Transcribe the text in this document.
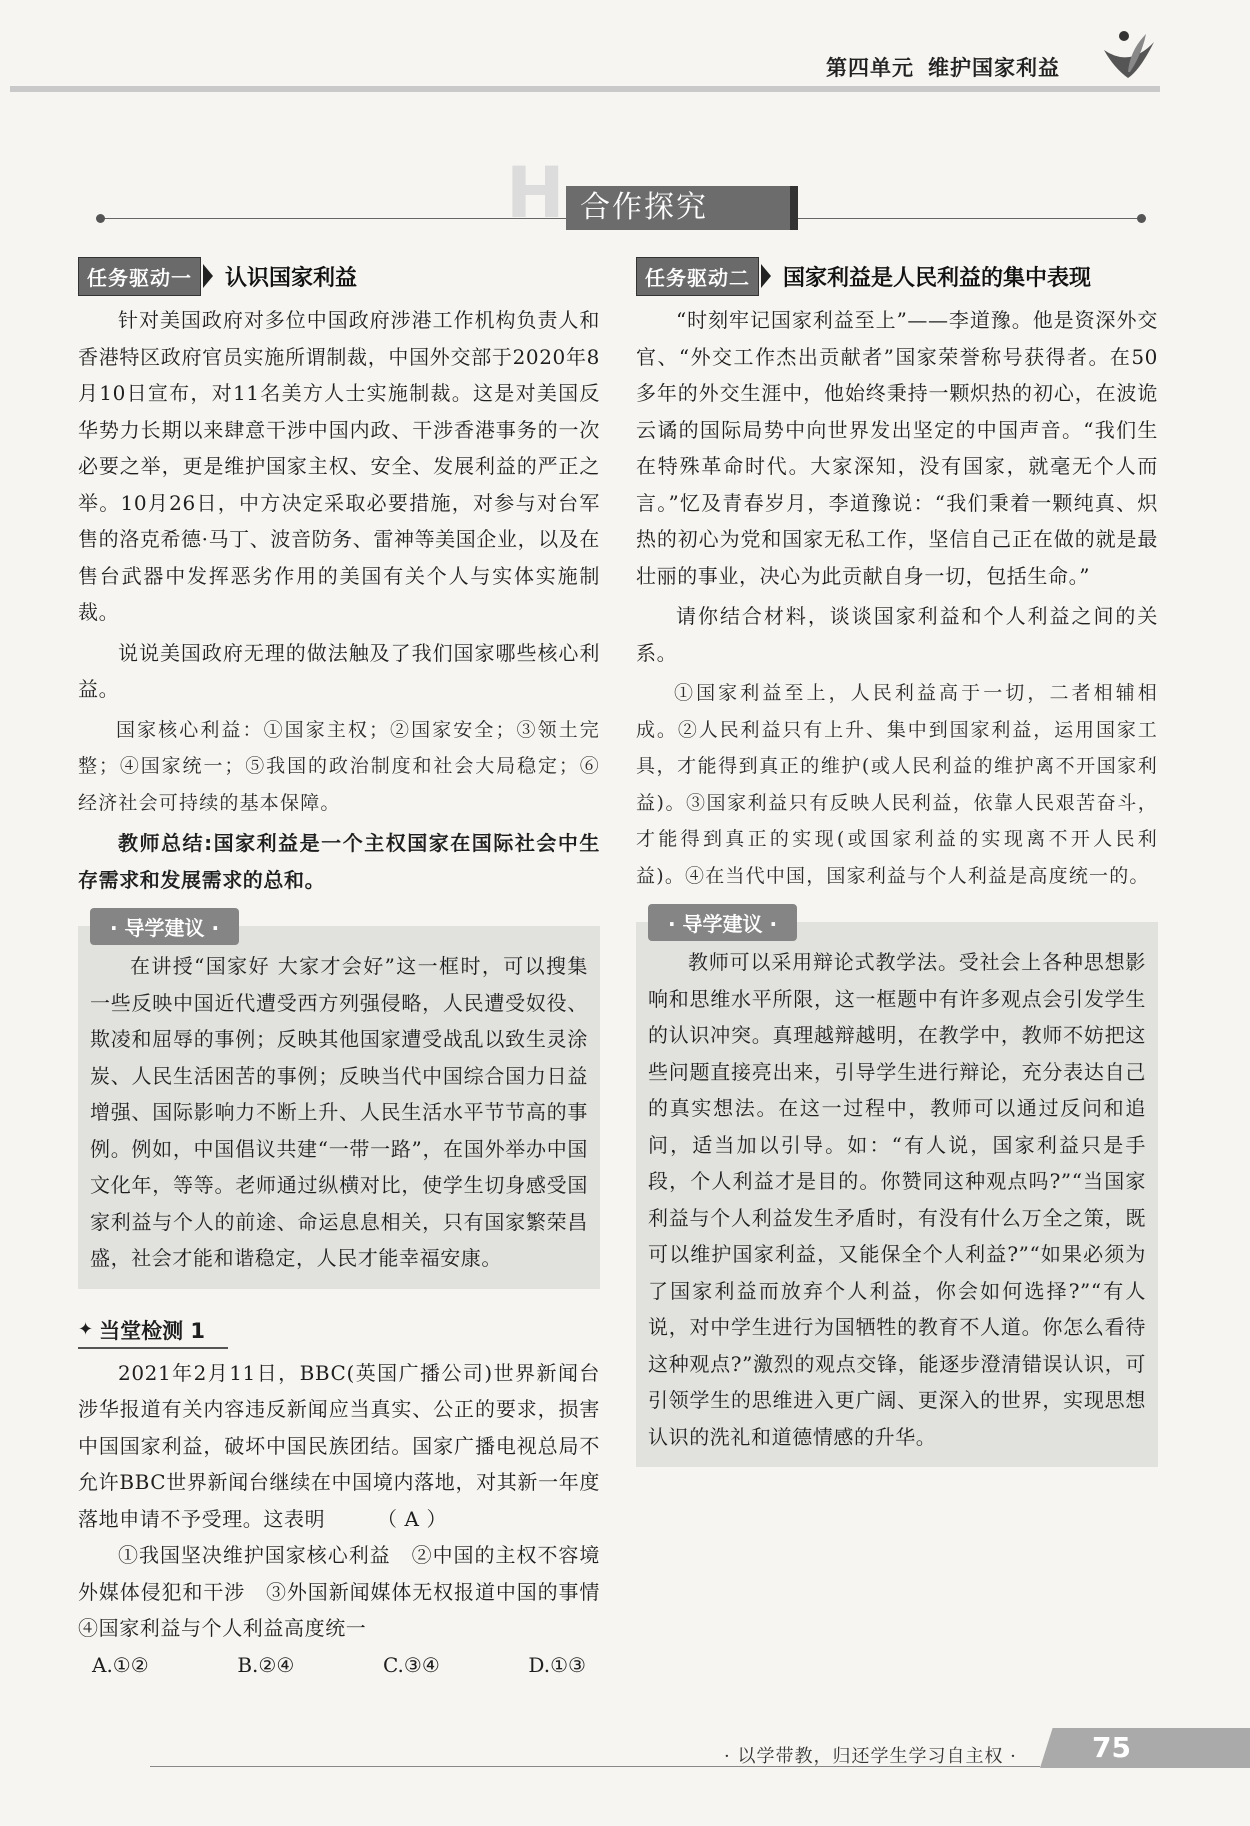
第四单元 维护国家利益
H 合作探究
任务驱动一	认识国家利益

针对美国政府对多位中国政府涉港工作机构负责人和香港特区政府官员实施所谓制裁，中国外交部于2020年8月10日宣布，对11名美方人士实施制裁。这是对美国反华势力长期以来肆意干涉中国内政、干涉香港事务的一次必要之举，更是维护国家主权、安全、发展利益的严正之举。10月26日，中方决定采取必要措施，对参与对台军售的洛克希德·马丁、波音防务、雷神等美国企业，以及在售台武器中发挥恶劣作用的美国有关个人与实体实施制裁。

说说美国政府无理的做法触及了我们国家哪些核心利益。

国家核心利益：①国家主权；②国家安全；③领土完整；④国家统一；⑤我国的政治制度和社会大局稳定；⑥经济社会可持续的基本保障。

教师总结:国家利益是一个主权国家在国际社会中生存需求和发展需求的总和。

· 导学建议 ·

在讲授“国家好 大家才会好”这一框时，可以搜集一些反映中国近代遭受西方列强侵略，人民遭受奴役、欺凌和屈辱的事例；反映其他国家遭受战乱以致生灵涂炭、人民生活困苦的事例；反映当代中国综合国力日益增强、国际影响力不断上升、人民生活水平节节高的事例。例如，中国倡议共建“一带一路”，在国外举办中国文化年，等等。老师通过纵横对比，使学生切身感受国家利益与个人的前途、命运息息相关，只有国家繁荣昌盛，社会才能和谐稳定，人民才能幸福安康。

✦ 当堂检测 1

2021年2月11日，BBC(英国广播公司)世界新闻台涉华报道有关内容违反新闻应当真实、公正的要求，损害中国国家利益，破坏中国民族团结。国家广播电视总局不允许BBC世界新闻台继续在中国境内落地，对其新一年度落地申请不予受理。这表明　　　（ A ）

①我国坚决维护国家核心利益　②中国的主权不容境外媒体侵犯和干涉　③外国新闻媒体无权报道中国的事情　④国家利益与个人利益高度统一

A.①②	B.②④	C.③④	D.①③
任务驱动二	国家利益是人民利益的集中表现

“时刻牢记国家利益至上”——李道豫。他是资深外交官、“外交工作杰出贡献者”国家荣誉称号获得者。在50多年的外交生涯中，他始终秉持一颗炽热的初心，在波诡云谲的国际局势中向世界发出坚定的中国声音。“我们生在特殊革命时代。大家深知，没有国家，就毫无个人而言。”忆及青春岁月，李道豫说：“我们秉着一颗纯真、炽热的初心为党和国家无私工作，坚信自己正在做的就是最壮丽的事业，决心为此贡献自身一切，包括生命。”

请你结合材料，谈谈国家利益和个人利益之间的关系。

①国家利益至上，人民利益高于一切，二者相辅相成。②人民利益只有上升、集中到国家利益，运用国家工具，才能得到真正的维护(或人民利益的维护离不开国家利益)。③国家利益只有反映人民利益，依靠人民艰苦奋斗，才能得到真正的实现(或国家利益的实现离不开人民利益)。④在当代中国，国家利益与个人利益是高度统一的。

· 导学建议 ·

教师可以采用辩论式教学法。受社会上各种思想影响和思维水平所限，这一框题中有许多观点会引发学生的认识冲突。真理越辩越明，在教学中，教师不妨把这些问题直接亮出来，引导学生进行辩论，充分表达自己的真实想法。在这一过程中，教师可以通过反问和追问，适当加以引导。如：“有人说，国家利益只是手段，个人利益才是目的。你赞同这种观点吗?”“当国家利益与个人利益发生矛盾时，有没有什么万全之策，既可以维护国家利益，又能保全个人利益?”“如果必须为了国家利益而放弃个人利益，你会如何选择?”“有人说，对中学生进行为国牺牲的教育不人道。你怎么看待这种观点?”激烈的观点交锋，能逐步澄清错误认识，可引领学生的思维进入更广阔、更深入的世界，实现思想认识的洗礼和道德情感的升华。

· 以学带教，归还学生学习自主权 ·	75
